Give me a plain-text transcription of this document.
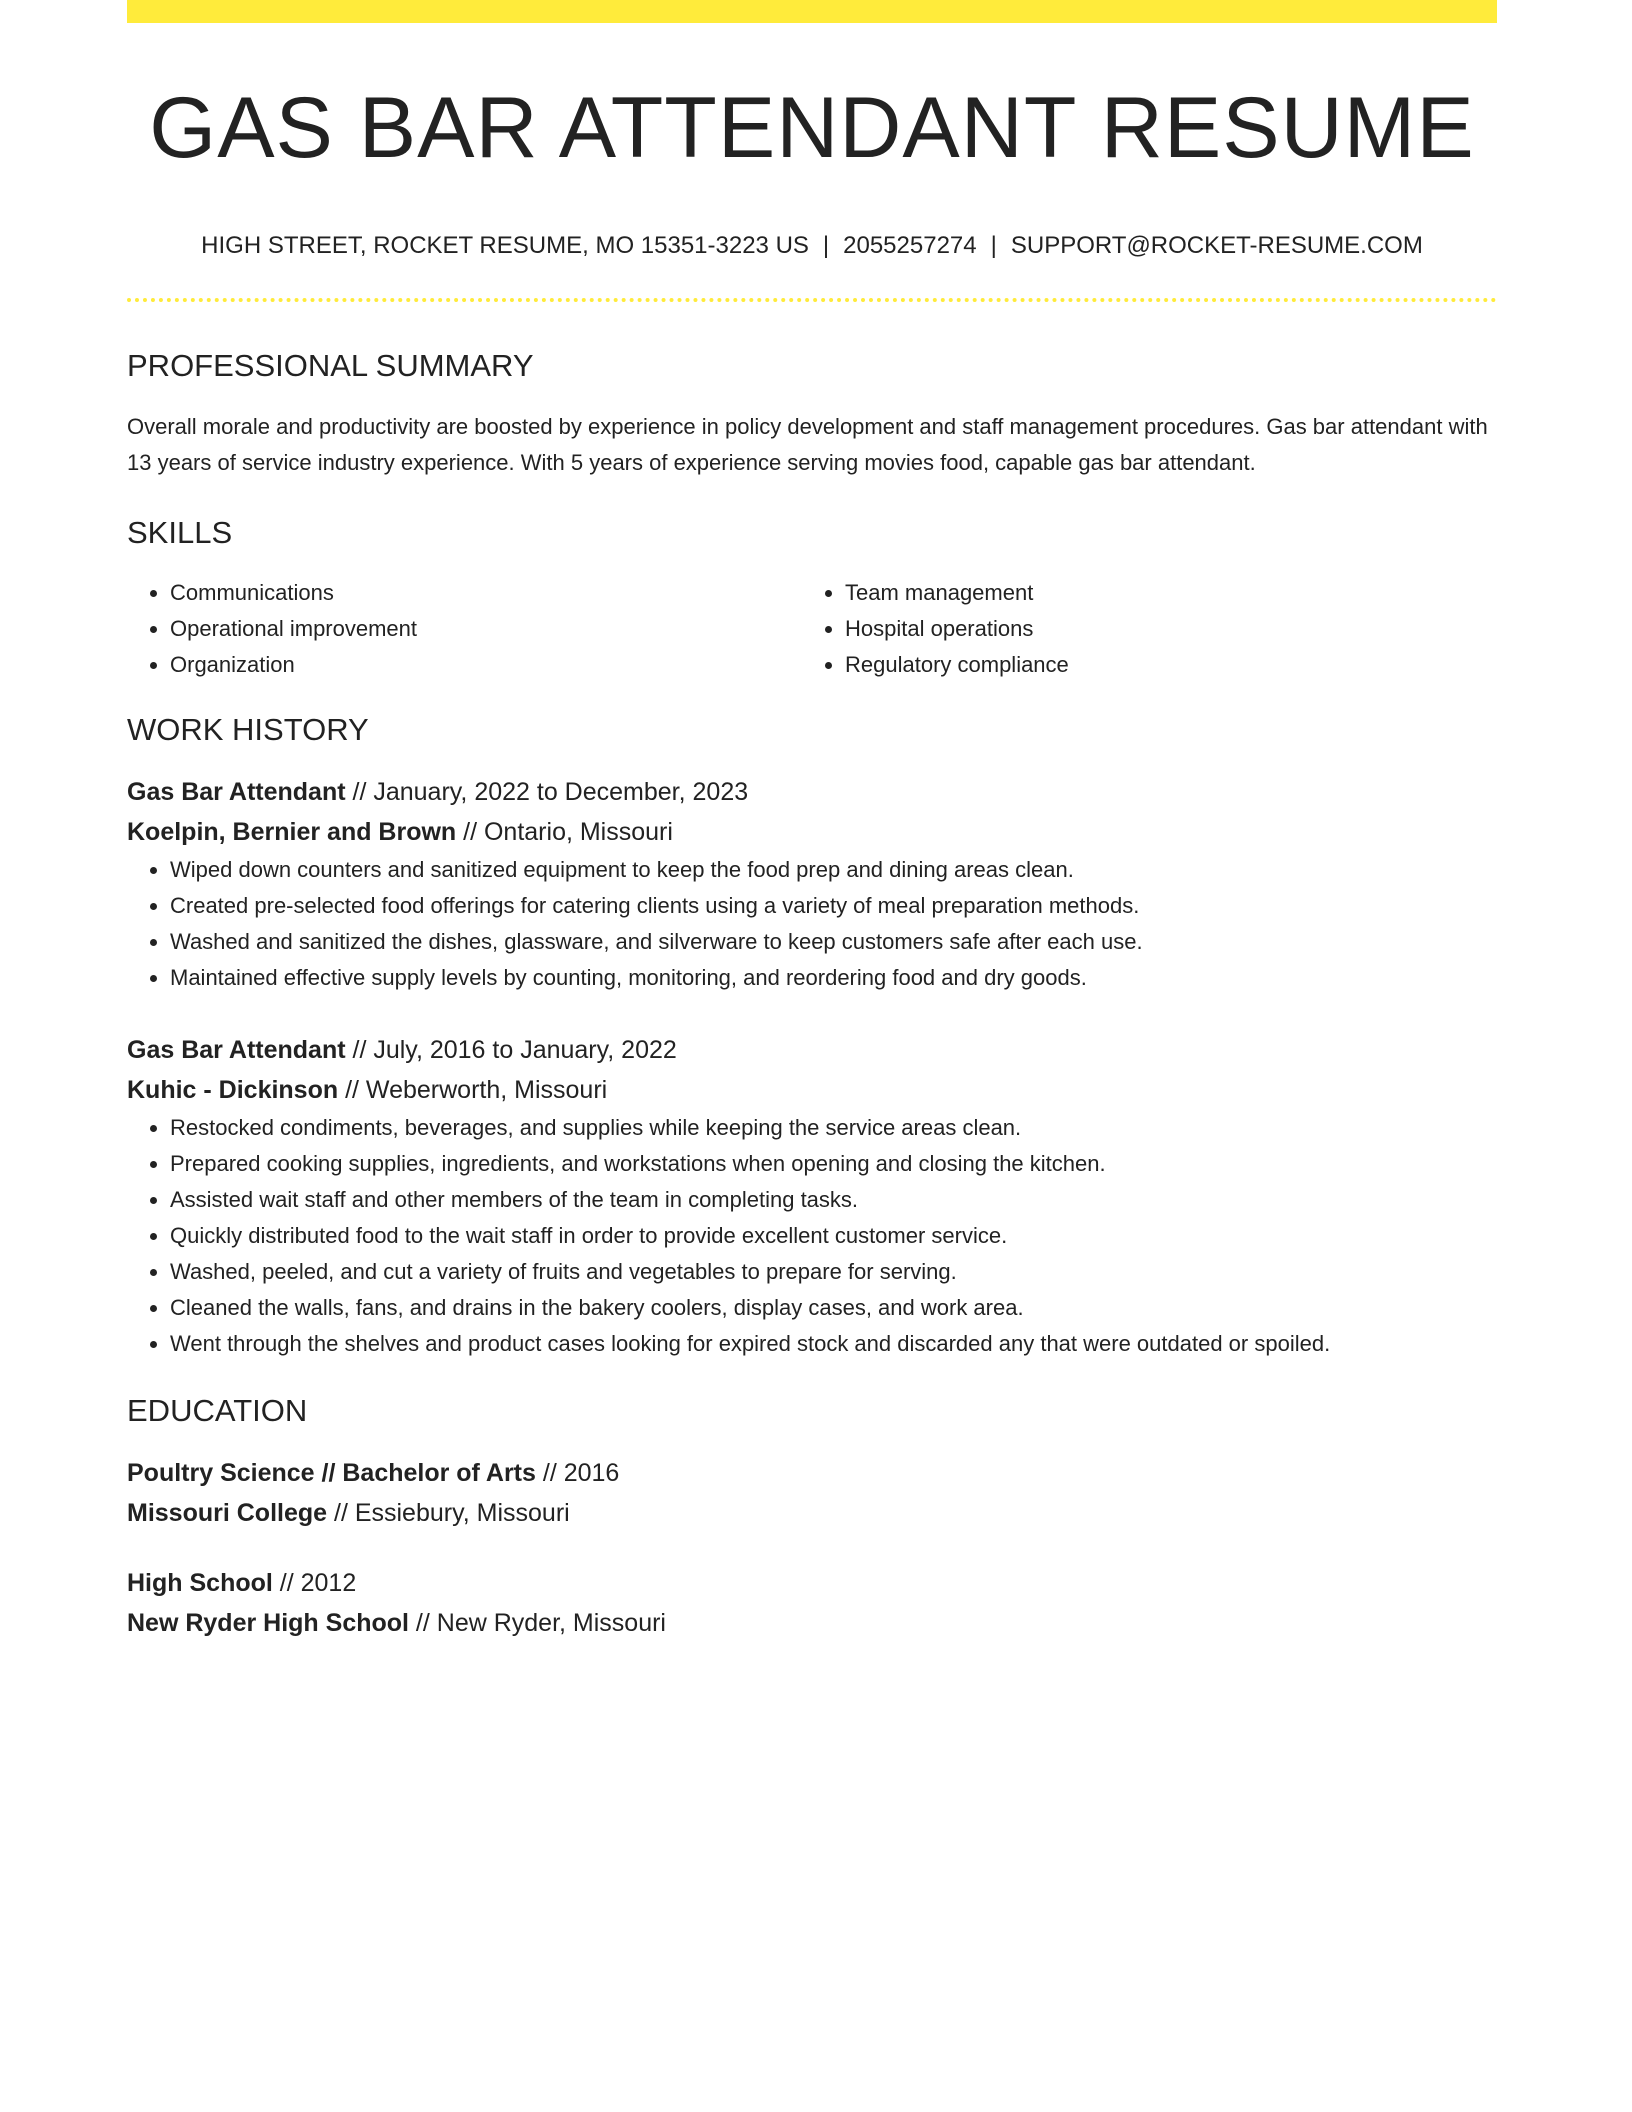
GAS BAR ATTENDANT RESUME
HIGH STREET, ROCKET RESUME, MO 15351-3223 US | 2055257274 | SUPPORT@ROCKET-RESUME.COM
PROFESSIONAL SUMMARY
Overall morale and productivity are boosted by experience in policy development and staff management procedures. Gas bar attendant with 13 years of service industry experience. With 5 years of experience serving movies food, capable gas bar attendant.
SKILLS
• Communications
• Operational improvement
• Organization
• Team management
• Hospital operations
• Regulatory compliance
WORK HISTORY
Gas Bar Attendant // January, 2022 to December, 2023
Koelpin, Bernier and Brown // Ontario, Missouri
• Wiped down counters and sanitized equipment to keep the food prep and dining areas clean.
• Created pre-selected food offerings for catering clients using a variety of meal preparation methods.
• Washed and sanitized the dishes, glassware, and silverware to keep customers safe after each use.
• Maintained effective supply levels by counting, monitoring, and reordering food and dry goods.
Gas Bar Attendant // July, 2016 to January, 2022
Kuhic - Dickinson // Weberworth, Missouri
• Restocked condiments, beverages, and supplies while keeping the service areas clean.
• Prepared cooking supplies, ingredients, and workstations when opening and closing the kitchen.
• Assisted wait staff and other members of the team in completing tasks.
• Quickly distributed food to the wait staff in order to provide excellent customer service.
• Washed, peeled, and cut a variety of fruits and vegetables to prepare for serving.
• Cleaned the walls, fans, and drains in the bakery coolers, display cases, and work area.
• Went through the shelves and product cases looking for expired stock and discarded any that were outdated or spoiled.
EDUCATION
Poultry Science // Bachelor of Arts // 2016
Missouri College // Essiebury, Missouri
High School // 2012
New Ryder High School // New Ryder, Missouri
